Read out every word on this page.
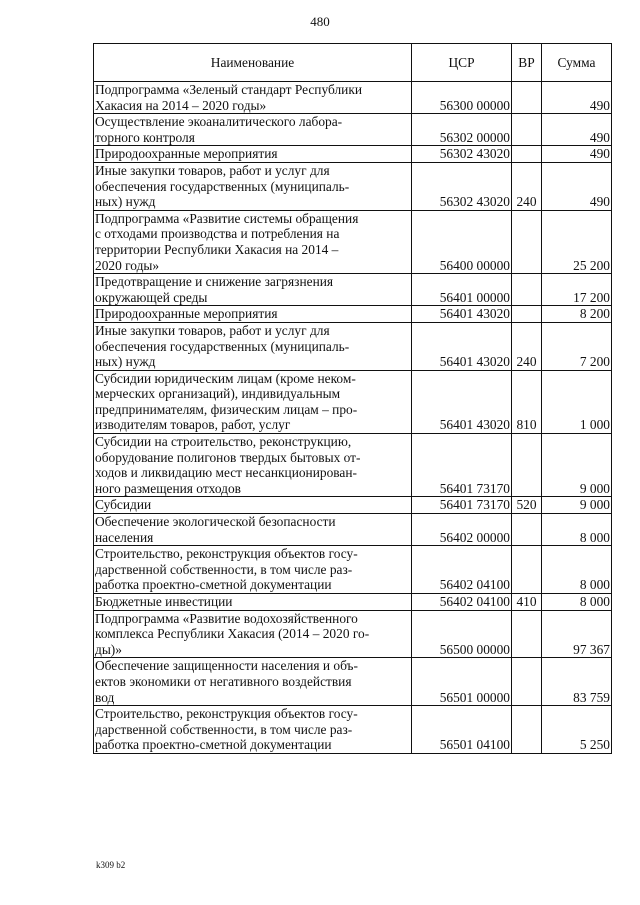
480
Наименование	ЦСР	ВР	Сумма
Подпрограмма «Зеленый стандарт Республики
Хакасия на 2014 – 2020 годы»	56300 00000		490
Осуществление экоаналитического лабора-
торного контроля	56302 00000		490
Природоохранные мероприятия	56302 43020		490
Иные закупки товаров, работ и услуг для
обеспечения государственных (муниципаль-
ных) нужд	56302 43020	240	490
Подпрограмма «Развитие системы обращения
с отходами производства и потребления на
территории Республики Хакасия на 2014 –
2020 годы»	56400 00000		25 200
Предотвращение и снижение загрязнения
окружающей среды	56401 00000		17 200
Природоохранные мероприятия	56401 43020		8 200
Иные закупки товаров, работ и услуг для
обеспечения государственных (муниципаль-
ных) нужд	56401 43020	240	7 200
Субсидии юридическим лицам (кроме неком-
мерческих организаций), индивидуальным
предпринимателям, физическим лицам – про-
изводителям товаров, работ, услуг	56401 43020	810	1 000
Субсидии на строительство, реконструкцию,
оборудование полигонов твердых бытовых от-
ходов и ликвидацию мест несанкционирован-
ного размещения отходов	56401 73170		9 000
Субсидии	56401 73170	520	9 000
Обеспечение экологической безопасности
населения	56402 00000		8 000
Строительство, реконструкция объектов госу-
дарственной собственности, в том числе раз-
работка проектно-сметной документации	56402 04100		8 000
Бюджетные инвестиции	56402 04100	410	8 000
Подпрограмма «Развитие водохозяйственного
комплекса Республики Хакасия (2014 – 2020 го-
ды)»	56500 00000		97 367
Обеспечение защищенности населения и объ-
ектов экономики от негативного воздействия
вод	56501 00000		83 759
Строительство, реконструкция объектов госу-
дарственной собственности, в том числе раз-
работка проектно-сметной документации	56501 04100		5 250
k309 b2
